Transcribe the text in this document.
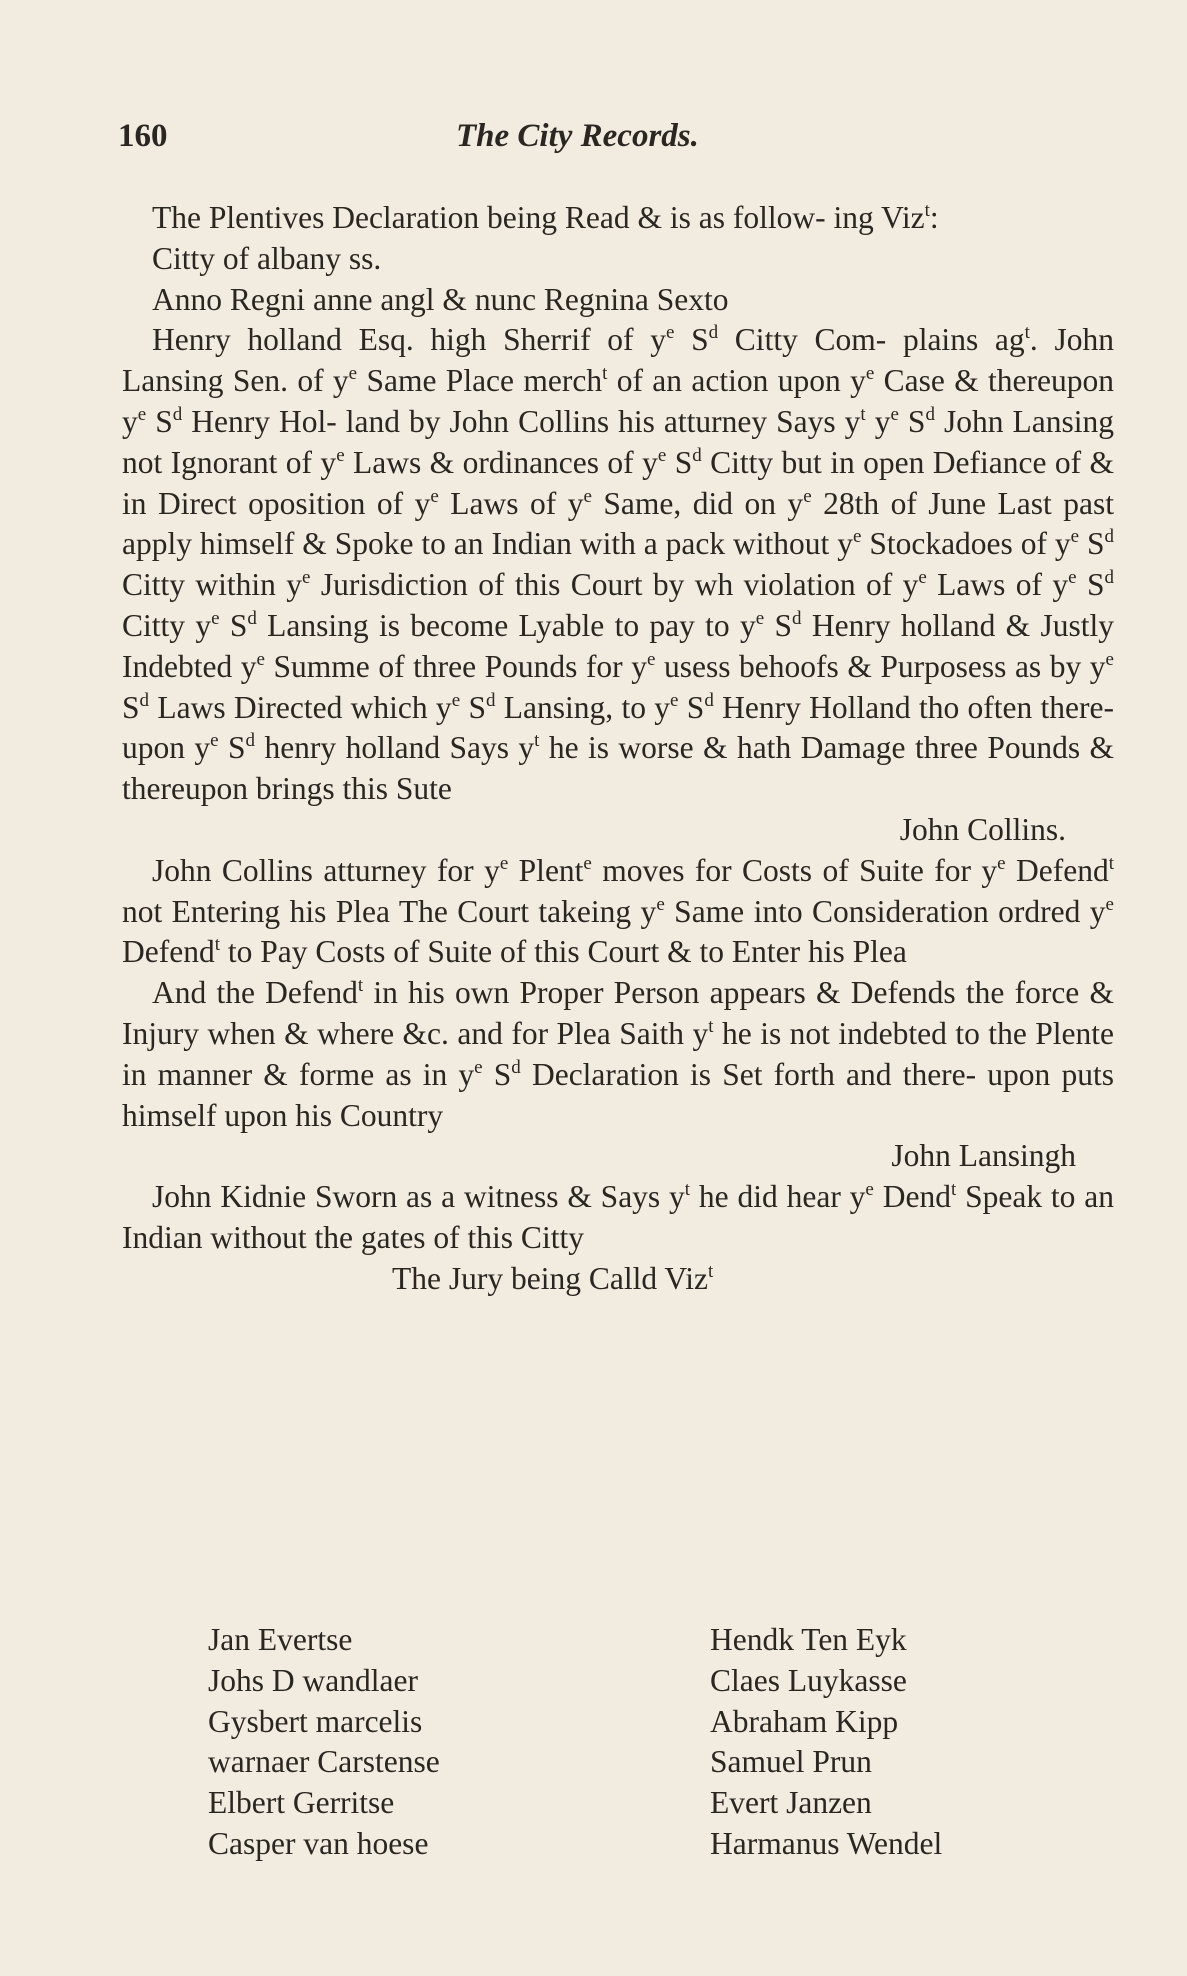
160	The City Records.

The Plentives Declaration being Read & is as follow- ing Viz$^t$:

Citty of albany ss.

Anno Regni anne angl & nunc Regnina Sexto

Henry holland Esq. high Sherrif of $y^e$ $S^d$ Citty Com- plains $ag^t$. John Lansing Sen. of $y^e$ Same Place merch$^t$ of an action upon $y^e$ Case & thereupon $y^e$ $S^d$ Henry Hol- land by John Collins his atturney Says $y^t$ $y^e$ $S^d$ John Lansing not Ignorant of $y^e$ Laws & ordinances of $y^e$ $S^d$ Citty but in open Defiance of & in Direct oposition of $y^e$ Laws of $y^e$ Same, did on $y^e$ 28th of June Last past apply himself & Spoke to an Indian with a pack without $y^e$ Stockadoes of $y^e$ $S^d$ Citty within $y^e$ Jurisdiction of this Court by wh violation of $y^e$ Laws of $y^e$ $S^d$ Citty $y^e$ $S^d$ Lansing is become Lyable to pay to $y^e$ $S^d$ Henry holland & Justly Indebted $y^e$ Summe of three Pounds for $y^e$ usess behoofs & Purposess as by $y^e$ $S^d$ Laws Directed which $y^e$ $S^d$ Lansing, to $y^e$ $S^d$ Henry Holland tho often there- upon $y^e$ $S^d$ henry holland Says $y^t$ he is worse & hath Damage three Pounds & thereupon brings this Sute

John Collins.

John Collins atturney for $y^e$ Plent$^e$ moves for Costs of Suite for $y^e$ Defend$^t$ not Entering his Plea The Court takeing $y^e$ Same into Consideration ordred $y^e$ Defend$^t$ to Pay Costs of Suite of this Court & to Enter his Plea

And the Defend$^t$ in his own Proper Person appears & Defends the force & Injury when & where &c. and for Plea Saith $y^t$ he is not indebted to the Plente in manner & forme as in $y^e$ $S^d$ Declaration is Set forth and there- upon puts himself upon his Country

John Lansingh

John Kidnie Sworn as a witness & Says $y^t$ he did hear $y^e$ Dend$^t$ Speak to an Indian without the gates of this Citty

The Jury being Calld Viz$^t$

Jan Evertse
Johs D wandlaer
Gysbert marcelis
warnaer Carstense
Elbert Gerritse
Casper van hoese
Hendk Ten Eyk
Claes Luykasse
Abraham Kipp
Samuel Prun
Evert Janzen
Harmanus Wendel
